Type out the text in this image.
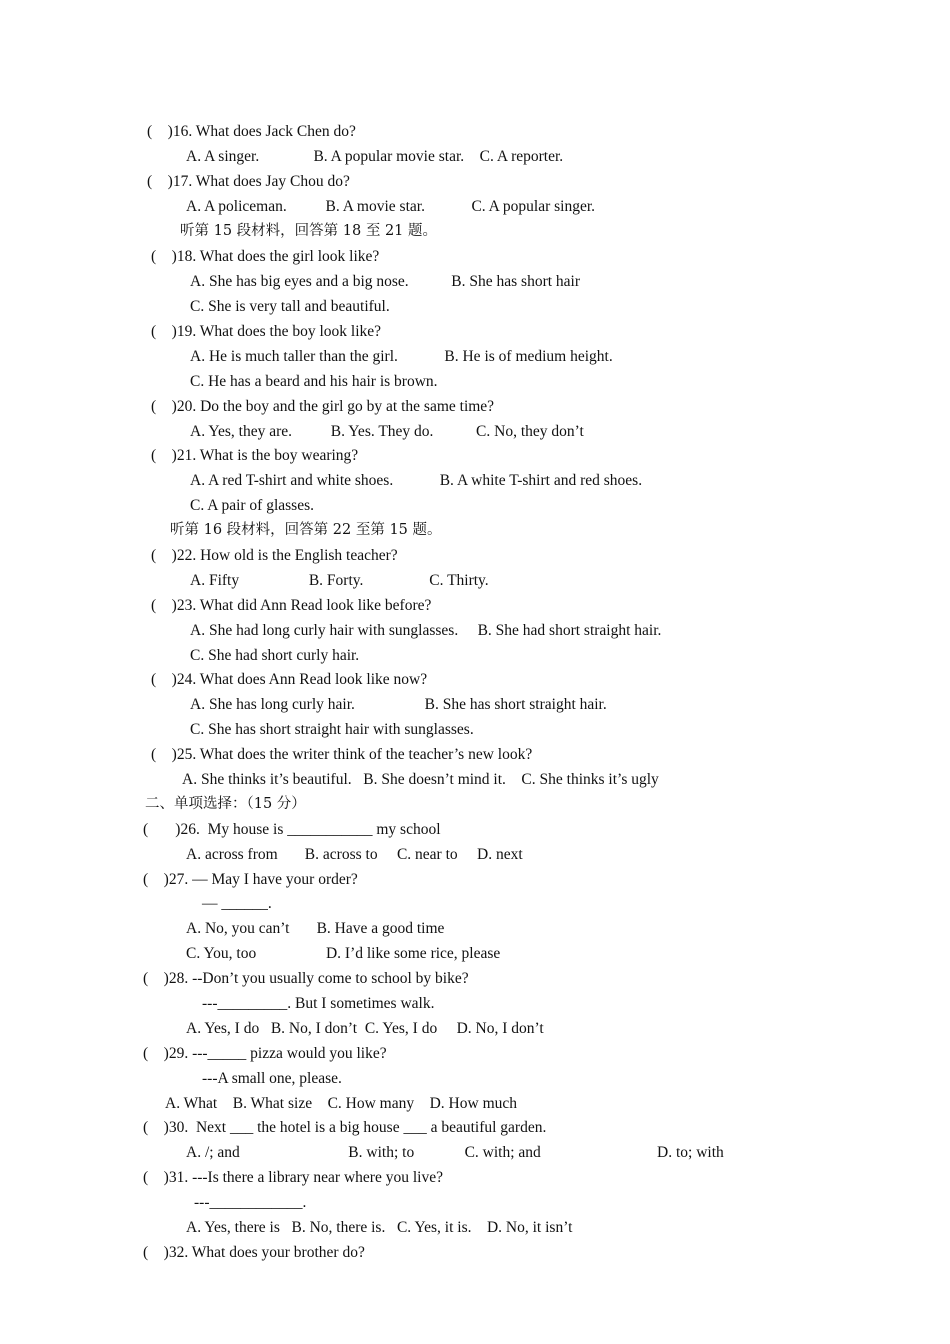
(    )16. What does Jack Chen do?
A. A singer.              B. A popular movie star.    C. A reporter.
(    )17. What does Jay Chou do?
A. A policeman.          B. A movie star.            C. A popular singer.
听第 15 段材料，回答第 18 至 21 题。
(    )18. What does the girl look like?
A. She has big eyes and a big nose.           B. She has short hair
C. She is very tall and beautiful.
(    )19. What does the boy look like?
A. He is much taller than the girl.            B. He is of medium height.
C. He has a beard and his hair is brown.
(    )20. Do the boy and the girl go by at the same time?
A. Yes, they are.          B. Yes. They do.           C. No, they don’t
(    )21. What is the boy wearing?
A. A red T-shirt and white shoes.            B. A white T-shirt and red shoes.
C. A pair of glasses.
听第 16 段材料，回答第 22 至第 15 题。
(    )22. How old is the English teacher?
A. Fifty                  B. Forty.                 C. Thirty.
(    )23. What did Ann Read look like before?
A. She had long curly hair with sunglasses.     B. She had short straight hair.
C. She had short curly hair.
(    )24. What does Ann Read look like now?
A. She has long curly hair.                  B. She has short straight hair.
C. She has short straight hair with sunglasses.
(    )25. What does the writer think of the teacher’s new look?
A. She thinks it’s beautiful.   B. She doesn’t mind it.    C. She thinks it’s ugly
二、单项选择：（15 分）
(       )26.  My house is ___________ my school
A. across from       B. across to     C. near to     D. next
(    )27. — May I have your order?
— ______.
A. No, you can’t       B. Have a good time
C. You, too                  D. I’d like some rice, please
(    )28. --Don’t you usually come to school by bike?
---_________. But I sometimes walk.
A. Yes, I do   B. No, I don’t  C. Yes, I do     D. No, I don’t
(    )29. ---_____ pizza would you like?
---A small one, please.
A. What    B. What size    C. How many    D. How much
(    )30.  Next ___ the hotel is a big house ___ a beautiful garden.
A. /; and                            B. with; to             C. with; and                              D. to; with
(    )31. ---Is there a library near where you live?
---____________.
A. Yes, there is   B. No, there is.   C. Yes, it is.    D. No, it isn’t
(    )32. What does your brother do?
